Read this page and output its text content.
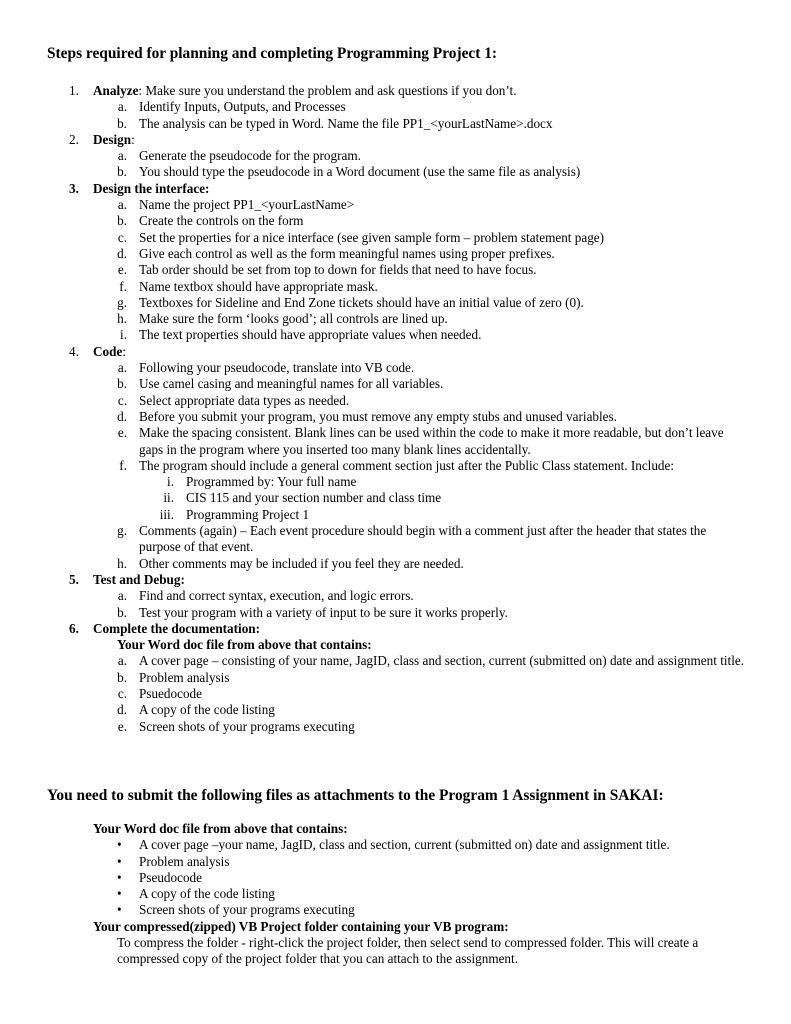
Steps required for planning and completing Programming Project 1:
1. Analyze: Make sure you understand the problem and ask questions if you don’t.
a. Identify Inputs, Outputs, and Processes
b. The analysis can be typed in Word. Name the file PP1_<yourLastName>.docx
2. Design:
a. Generate the pseudocode for the program.
b. You should type the pseudocode in a Word document (use the same file as analysis)
3. Design the interface:
a. Name the project PP1_<yourLastName>
b. Create the controls on the form
c. Set the properties for a nice interface (see given sample form – problem statement page)
d. Give each control as well as the form meaningful names using proper prefixes.
e. Tab order should be set from top to down for fields that need to have focus.
f. Name textbox should have appropriate mask.
g. Textboxes for Sideline and End Zone tickets should have an initial value of zero (0).
h. Make sure the form ‘looks good’; all controls are lined up.
i. The text properties should have appropriate values when needed.
4. Code:
a. Following your pseudocode, translate into VB code.
b. Use camel casing and meaningful names for all variables.
c. Select appropriate data types as needed.
d. Before you submit your program, you must remove any empty stubs and unused variables.
e. Make the spacing consistent. Blank lines can be used within the code to make it more readable, but don’t leave gaps in the program where you inserted too many blank lines accidentally.
f. The program should include a general comment section just after the Public Class statement. Include:
i. Programmed by: Your full name
ii. CIS 115 and your section number and class time
iii. Programming Project 1
g. Comments (again) – Each event procedure should begin with a comment just after the header that states the purpose of that event.
h. Other comments may be included if you feel they are needed.
5. Test and Debug:
a. Find and correct syntax, execution, and logic errors.
b. Test your program with a variety of input to be sure it works properly.
6. Complete the documentation:
Your Word doc file from above that contains:
a. A cover page – consisting of your name, JagID, class and section, current (submitted on) date and assignment title.
b. Problem analysis
c. Psuedocode
d. A copy of the code listing
e. Screen shots of your programs executing
You need to submit the following files as attachments to the Program 1 Assignment in SAKAI:
Your Word doc file from above that contains:
• A cover page –your name, JagID, class and section, current (submitted on) date and assignment title.
• Problem analysis
• Pseudocode
• A copy of the code listing
• Screen shots of your programs executing
Your compressed(zipped) VB Project folder containing your VB program:
To compress the folder - right-click the project folder, then select send to compressed folder. This will create a compressed copy of the project folder that you can attach to the assignment.
